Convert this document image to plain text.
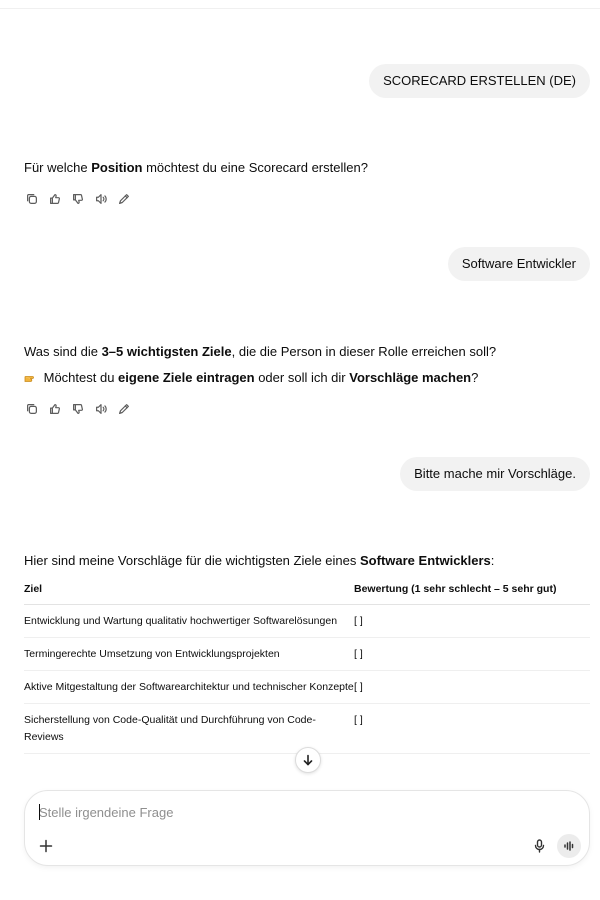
SCORECARD ERSTELLEN (DE)
Für welche Position möchtest du eine Scorecard erstellen?
Software Entwickler
Was sind die 3–5 wichtigsten Ziele, die die Person in dieser Rolle erreichen soll?
Möchtest du eigene Ziele eintragen oder soll ich dir Vorschläge machen?
Bitte mache mir Vorschläge.
Hier sind meine Vorschläge für die wichtigsten Ziele eines Software Entwicklers:
Ziel	Bewertung (1 sehr schlecht – 5 sehr gut)
Entwicklung und Wartung qualitativ hochwertiger Softwarelösungen	[ ]
Termingerechte Umsetzung von Entwicklungsprojekten	[ ]
Aktive Mitgestaltung der Softwarearchitektur und technischer Konzepte	[ ]
Sicherstellung von Code-Qualität und Durchführung von Code-Reviews	[ ]
Stelle irgendeine Frage
